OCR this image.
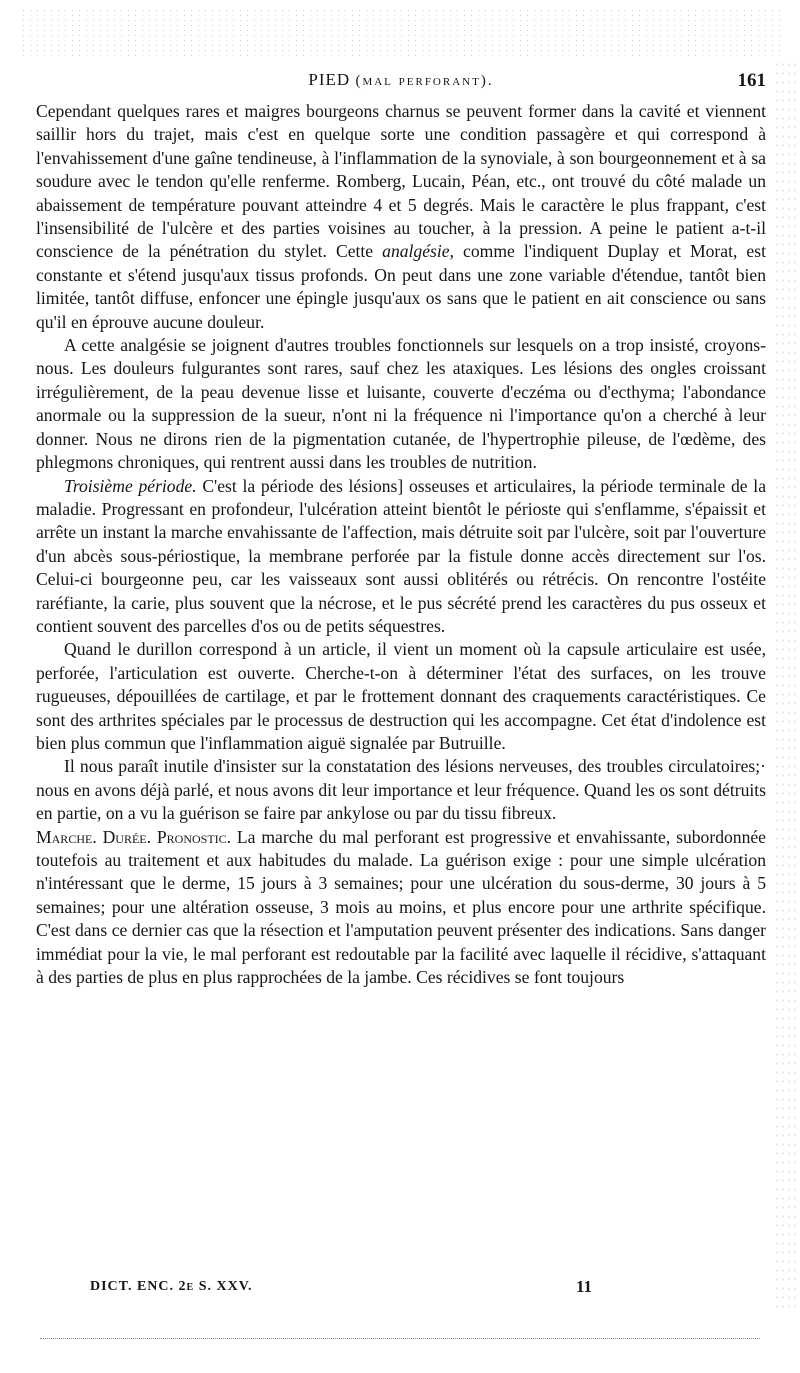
PIED (mal perforant).	161

Cependant quelques rares et maigres bourgeons charnus se peuvent former dans la cavité et viennent saillir hors du trajet, mais c'est en quelque sorte une condition passagère et qui correspond à l'envahissement d'une gaîne tendineuse, à l'inflammation de la synoviale, à son bourgeonnement et à sa soudure avec le tendon qu'elle renferme. Romberg, Lucain, Péan, etc., ont trouvé du côté malade un abaissement de température pouvant atteindre 4 et 5 degrés. Mais le caractère le plus frappant, c'est l'insensibilité de l'ulcère et des parties voisines au toucher, à la pression. A peine le patient a-t-il conscience de la pénétration du stylet. Cette analgésie, comme l'indiquent Duplay et Morat, est constante et s'étend jusqu'aux tissus profonds. On peut dans une zone variable d'étendue, tantôt bien limitée, tantôt diffuse, enfoncer une épingle jusqu'aux os sans que le patient en ait conscience ou sans qu'il en éprouve aucune douleur.

A cette analgésie se joignent d'autres troubles fonctionnels sur lesquels on a trop insisté, croyons-nous. Les douleurs fulgurantes sont rares, sauf chez les ataxiques. Les lésions des ongles croissant irrégulièrement, de la peau devenue lisse et luisante, couverte d'eczéma ou d'ecthyma; l'abondance anormale ou la suppression de la sueur, n'ont ni la fréquence ni l'importance qu'on a cherché à leur donner. Nous ne dirons rien de la pigmentation cutanée, de l'hypertrophie pileuse, de l'œdème, des phlegmons chroniques, qui rentrent aussi dans les troubles de nutrition.

Troisième période. C'est la période des lésions] osseuses et articulaires, la période terminale de la maladie. Progressant en profondeur, l'ulcération atteint bientôt le périoste qui s'enflamme, s'épaissit et arrête un instant la marche envahissante de l'affection, mais détruite soit par l'ulcère, soit par l'ouverture d'un abcès sous-périostique, la membrane perforée par la fistule donne accès directement sur l'os. Celui-ci bourgeonne peu, car les vaisseaux sont aussi oblitérés ou rétrécis. On rencontre l'ostéite raréfiante, la carie, plus souvent que la nécrose, et le pus sécrété prend les caractères du pus osseux et contient souvent des parcelles d'os ou de petits séquestres.

Quand le durillon correspond à un article, il vient un moment où la capsule articulaire est usée, perforée, l'articulation est ouverte. Cherche-t-on à déterminer l'état des surfaces, on les trouve rugueuses, dépouillées de cartilage, et par le frottement donnant des craquements caractéristiques. Ce sont des arthrites spéciales par le processus de destruction qui les accompagne. Cet état d'indolence est bien plus commun que l'inflammation aiguë signalée par Butruille.

Il nous paraît inutile d'insister sur la constatation des lésions nerveuses, des troubles circulatoires;· nous en avons déjà parlé, et nous avons dit leur importance et leur fréquence. Quand les os sont détruits en partie, on a vu la guérison se faire par ankylose ou par du tissu fibreux.

Marche. Durée. Pronostic. La marche du mal perforant est progressive et envahissante, subordonnée toutefois au traitement et aux habitudes du malade. La guérison exige : pour une simple ulcération n'intéressant que le derme, 15 jours à 3 semaines; pour une ulcération du sous-derme, 30 jours à 5 semaines; pour une altération osseuse, 3 mois au moins, et plus encore pour une arthrite spécifique. C'est dans ce dernier cas que la résection et l'amputation peuvent présenter des indications. Sans danger immédiat pour la vie, le mal perforant est redoutable par la facilité avec laquelle il récidive, s'attaquant à des parties de plus en plus rapprochées de la jambe. Ces récidives se font toujours

DICT. ENC. 2e S. XXV.	11
